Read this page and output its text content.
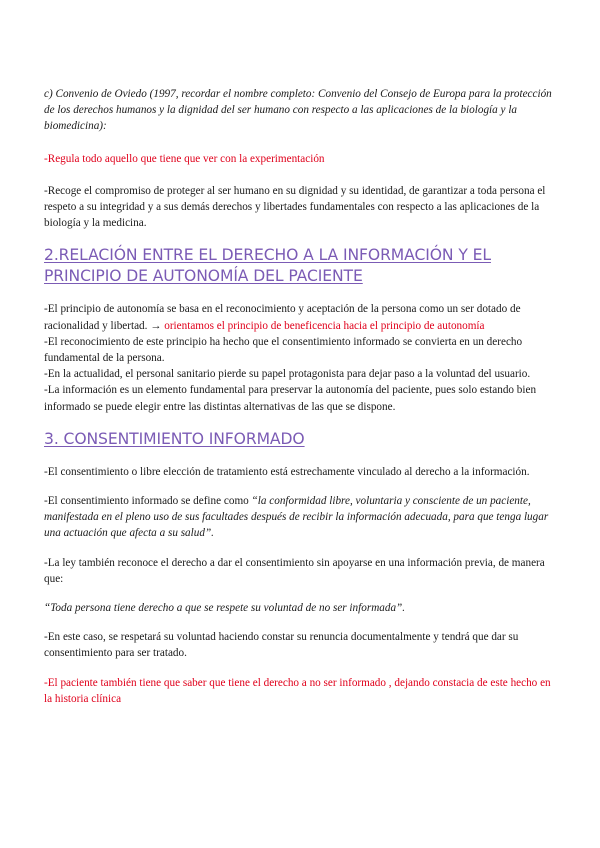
c) Convenio de Oviedo (1997, recordar el nombre completo: Convenio del Consejo de Europa para la protección de los derechos humanos y la dignidad del ser humano con respecto a las aplicaciones de la biología y la biomedicina):

-Regula todo aquello que tiene que ver con la experimentación

-Recoge el compromiso de proteger al ser humano en su dignidad y su identidad, de garantizar a toda persona el respeto a su integridad y a sus demás derechos y libertades fundamentales con respecto a las aplicaciones de la biología y la medicina.

2.RELACIÓN ENTRE EL DERECHO A LA INFORMACIÓN Y EL
PRINCIPIO DE AUTONOMÍA DEL PACIENTE

-El principio de autonomía se basa en el reconocimiento y aceptación de la persona como un ser dotado de racionalidad y libertad. → orientamos el principio de beneficencia hacia el principio de autonomía

-El reconocimiento de este principio ha hecho que el consentimiento informado se convierta en un derecho fundamental de la persona.

-En la actualidad, el personal sanitario pierde su papel protagonista para dejar paso a la voluntad del usuario.

-La información es un elemento fundamental para preservar la autonomía del paciente, pues solo estando bien informado se puede elegir entre las distintas alternativas de las que se dispone.

3. CONSENTIMIENTO INFORMADO

-El consentimiento o libre elección de tratamiento está estrechamente vinculado al derecho a la información.

-El consentimiento informado se define como “la conformidad libre, voluntaria y consciente de un paciente, manifestada en el pleno uso de sus facultades después de recibir la información adecuada, para que tenga lugar una actuación que afecta a su salud”.

-La ley también reconoce el derecho a dar el consentimiento sin apoyarse en una información previa, de manera que:

“Toda persona tiene derecho a que se respete su voluntad de no ser informada”.

-En este caso, se respetará su voluntad haciendo constar su renuncia documentalmente y tendrá que dar su consentimiento para ser tratado.

-El paciente también tiene que saber que tiene el derecho a no ser informado , dejando constacia de este hecho en la historia clínica
